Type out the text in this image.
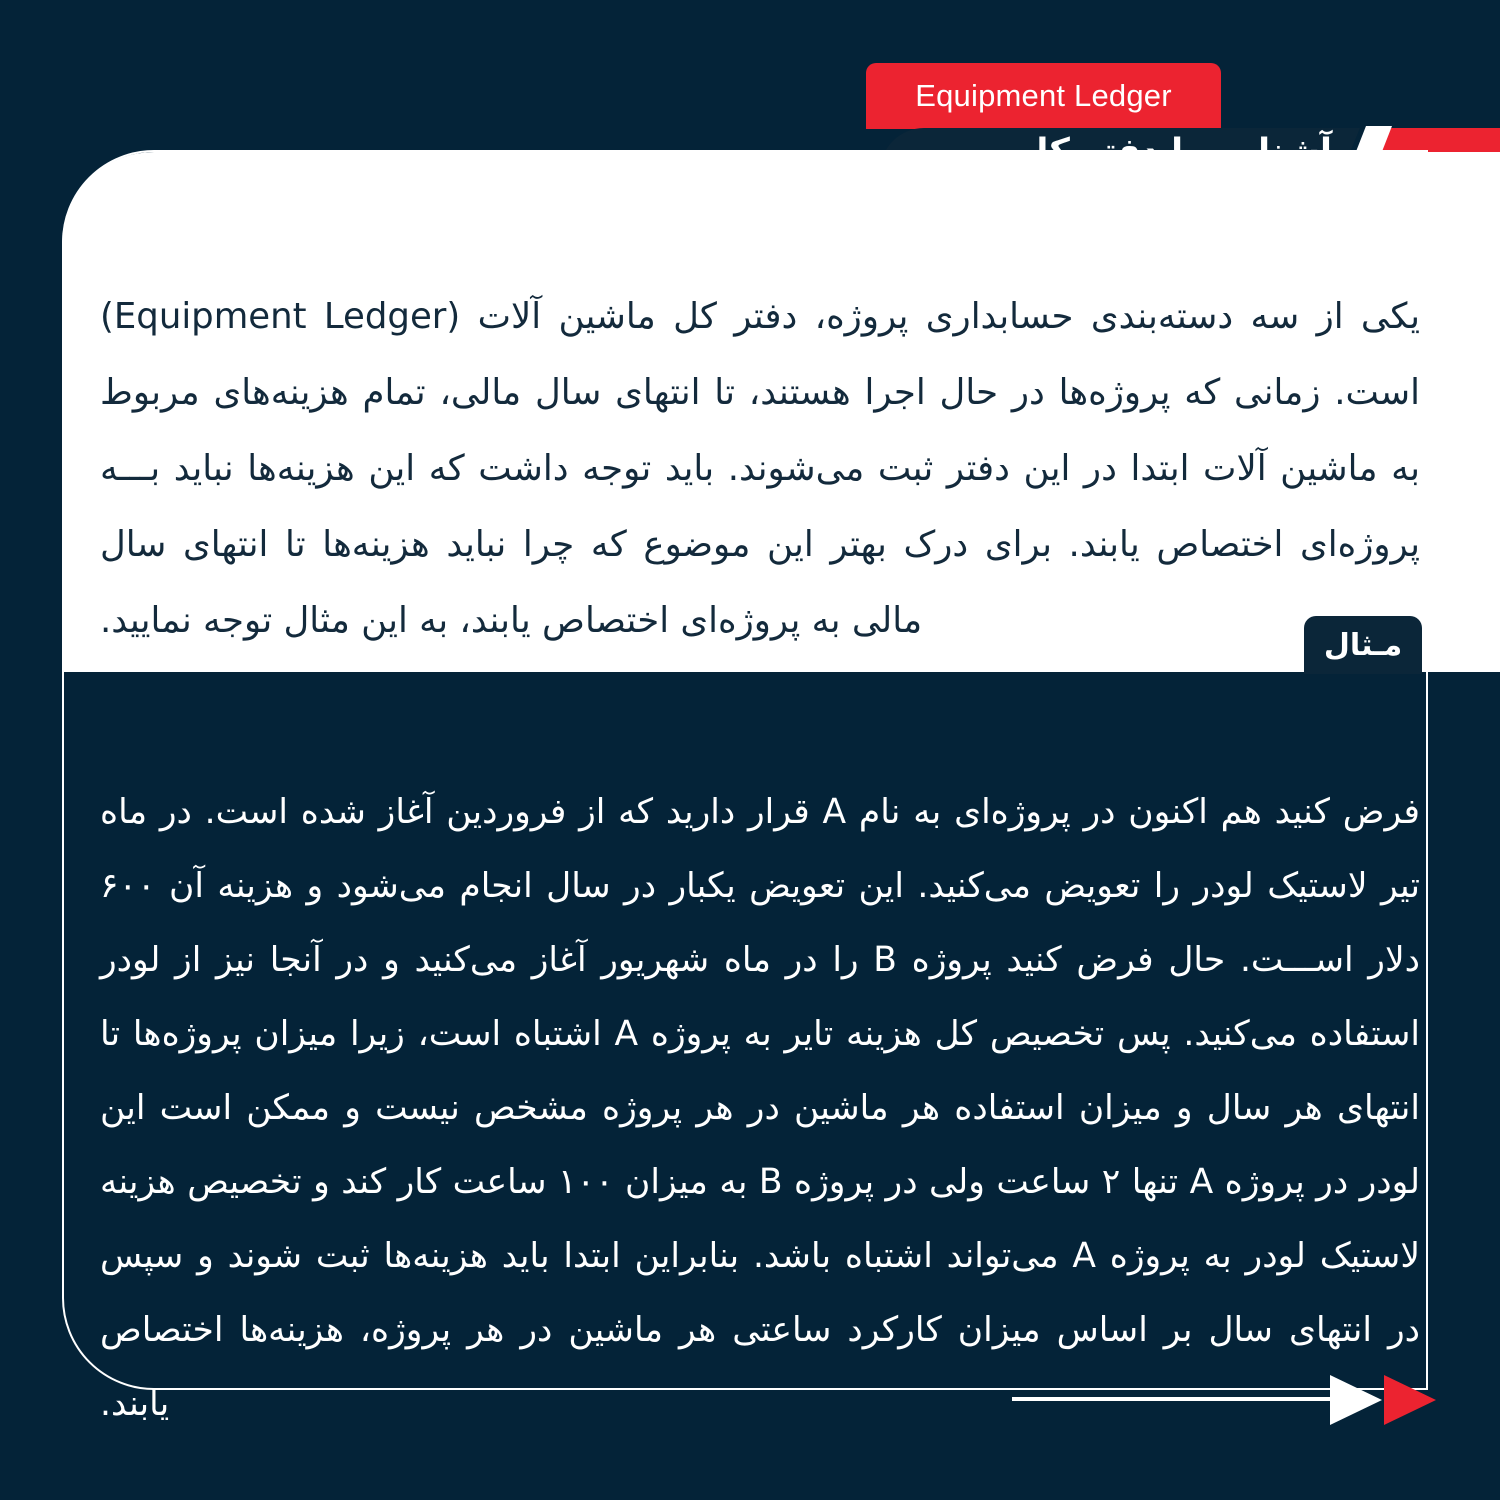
Equipment Ledger

یکی از سه دسته‌بندی حسابداری پروژه، دفتر کل ماشین آلات (Equipment Ledger) است. زمانی که پروژه‌ها در حال اجرا هستند، تا انتهای سال مالی، تمام هزینه‌های مربوط به ماشین آلات ابتدا در این دفتر ثبت می‌شوند. باید توجه داشت که این هزینه‌ها نباید بـــه پروژه‌ای اختصاص یابند. برای درک بهتر این موضوع که چرا نباید هزینه‌ها تا انتهای سال مالی به پروژه‌ای اختصاص یابند، به این مثال توجه نمایید.

مـثال

فرض کنید هم اکنون در پروژه‌ای به نام A قرار دارید که از فروردین آغاز شده است. در ماه تیر لاستیک لودر را تعویض می‌کنید. این تعویض یکبار در سال انجام می‌شود و هزینه آن ۶۰۰ دلار اســـت. حال فرض کنید پروژه B را در ماه شهریور آغاز می‌کنید و در آنجا نیز از لودر استفاده می‌کنید. پس تخصیص کل هزینه تایر به پروژه A اشتباه است، زیرا میزان پروژه‌ها تا انتهای هر سال و میزان استفاده هر ماشین در هر پروژه مشخص نیست و ممکن است این لودر در پروژه A تنها ۲ ساعت ولی در پروژه B به میزان ۱۰۰ ساعت کار کند و تخصیص هزینه لاستیک لودر به پروژه A می‌تواند اشتباه باشد. بنابراین ابتدا باید هزینه‌ها ثبت شوند و سپس در انتهای سال بر اساس میزان کارکرد ساعتی هر ماشین در هر پروژه، هزینه‌ها اختصاص یابند.
